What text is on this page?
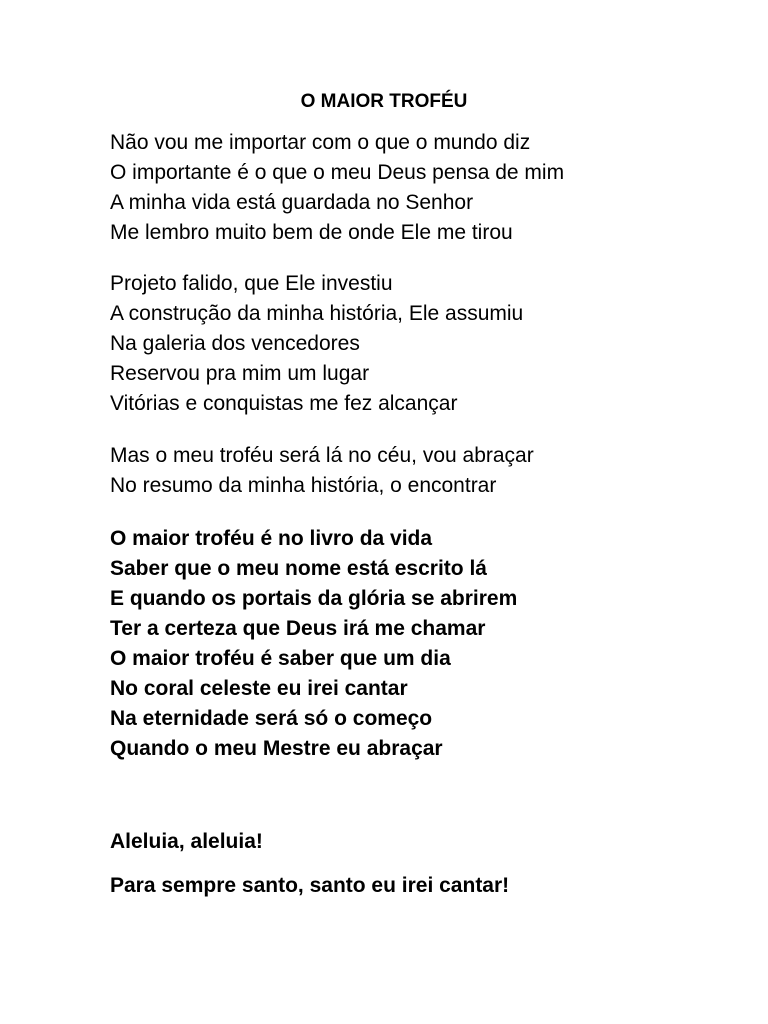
O MAIOR TROFÉU
Não vou me importar com o que o mundo diz
O importante é o que o meu Deus pensa de mim
A minha vida está guardada no Senhor
Me lembro muito bem de onde Ele me tirou
Projeto falido, que Ele investiu
A construção da minha história, Ele assumiu
Na galeria dos vencedores
Reservou pra mim um lugar
Vitórias e conquistas me fez alcançar
Mas o meu troféu será lá no céu, vou abraçar
No resumo da minha história, o encontrar
O maior troféu é no livro da vida
Saber que o meu nome está escrito lá
E quando os portais da glória se abrirem
Ter a certeza que Deus irá me chamar
O maior troféu é saber que um dia
No coral celeste eu irei cantar
Na eternidade será só o começo
Quando o meu Mestre eu abraçar
Aleluia, aleluia!
Para sempre santo, santo eu irei cantar!
